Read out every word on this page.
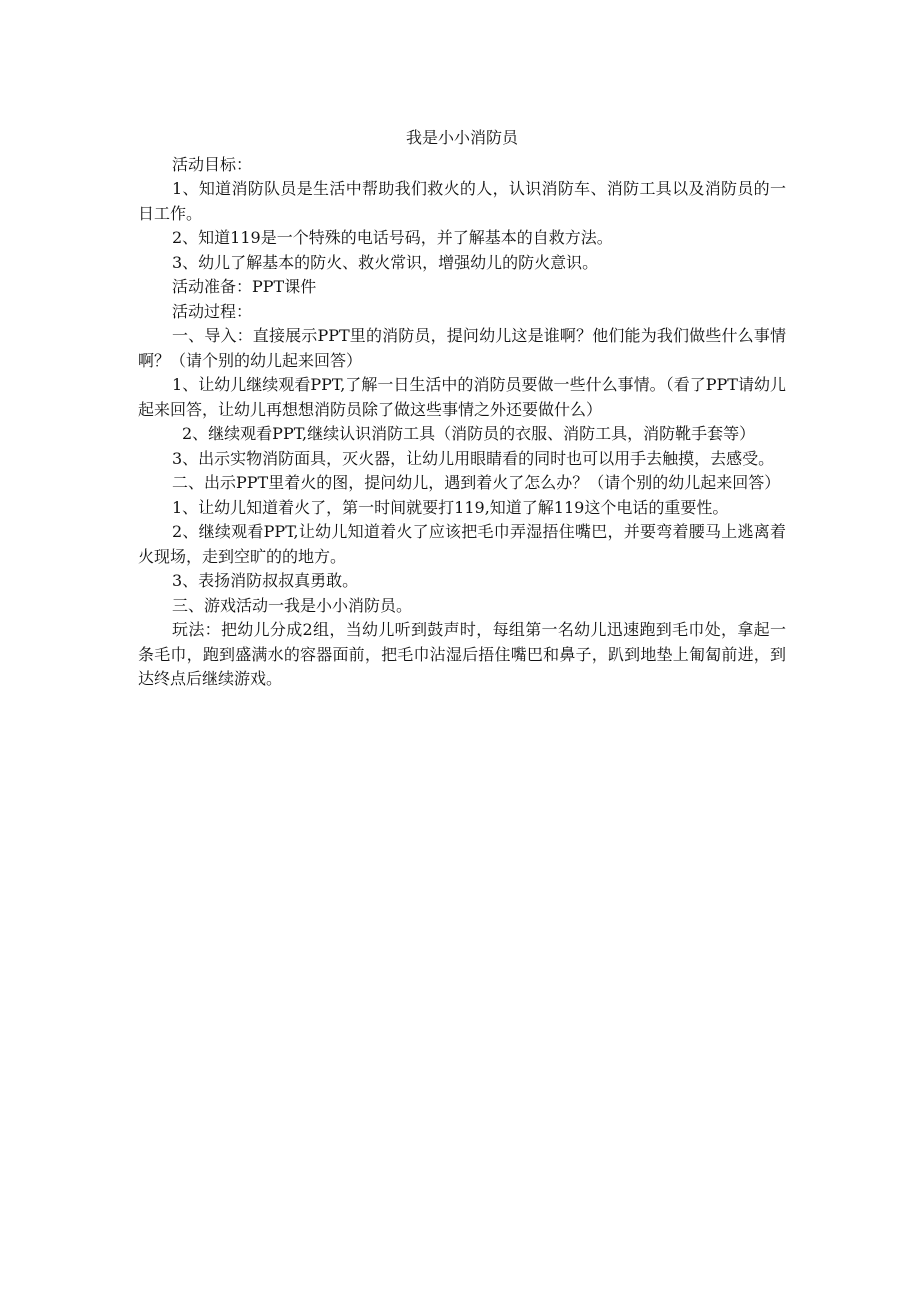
我是小小消防员

活动目标：

1、知道消防队员是生活中帮助我们救火的人，认识消防车、消防工具以及消防员的一日工作。

2、知道119是一个特殊的电话号码，并了解基本的自救方法。

3、幼儿了解基本的防火、救火常识，增强幼儿的防火意识。

活动准备：PPT课件

活动过程：

一、导入：直接展示PPT里的消防员，提问幼儿这是谁啊？他们能为我们做些什么事情啊？（请个别的幼儿起来回答）

1、让幼儿继续观看PPT,了解一日生活中的消防员要做一些什么事情。（看了PPT请幼儿起来回答，让幼儿再想想消防员除了做这些事情之外还要做什么）

2、继续观看PPT,继续认识消防工具（消防员的衣服、消防工具，消防靴手套等）

3、出示实物消防面具，灭火器，让幼儿用眼睛看的同时也可以用手去触摸，去感受。

二、出示PPT里着火的图，提问幼儿，遇到着火了怎么办？（请个别的幼儿起来回答）

1、让幼儿知道着火了，第一时间就要打119,知道了解119这个电话的重要性。

2、继续观看PPT,让幼儿知道着火了应该把毛巾弄湿捂住嘴巴，并要弯着腰马上逃离着火现场，走到空旷的的地方。

3、表扬消防叔叔真勇敢。

三、游戏活动一我是小小消防员。

玩法：把幼儿分成2组，当幼儿听到鼓声时，每组第一名幼儿迅速跑到毛巾处，拿起一条毛巾，跑到盛满水的容器面前，把毛巾沾湿后捂住嘴巴和鼻子，趴到地垫上匍匐前进，到达终点后继续游戏。
